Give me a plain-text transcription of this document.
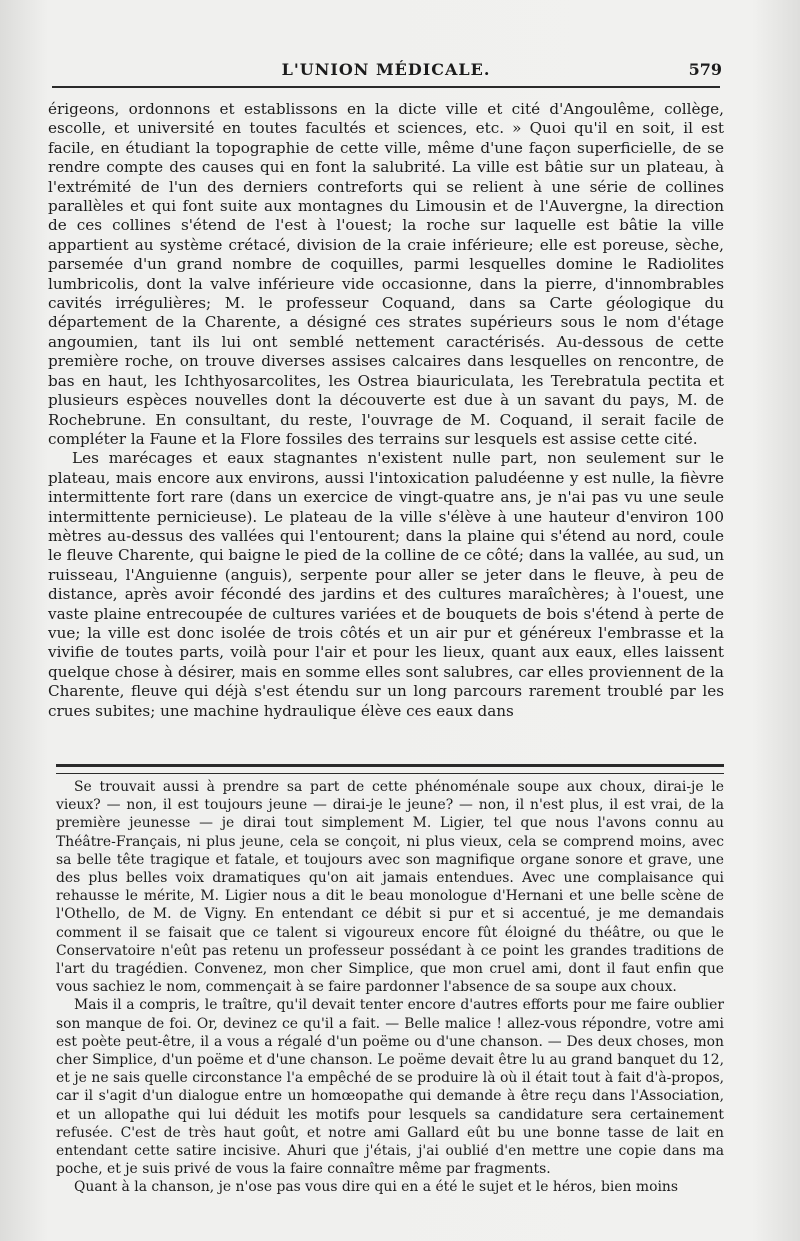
L'UNION MÉDICALE.	579

érigeons, ordonnons et establissons en la dicte ville et cité d'Angoulême, collège, escolle, et université en toutes facultés et sciences, etc. » Quoi qu'il en soit, il est facile, en étudiant la topographie de cette ville, même d'une façon superficielle, de se rendre compte des causes qui en font la salubrité. La ville est bâtie sur un plateau, à l'extrémité de l'un des derniers contreforts qui se relient à une série de collines parallèles et qui font suite aux montagnes du Limousin et de l'Auvergne, la direction de ces collines s'étend de l'est à l'ouest; la roche sur laquelle est bâtie la ville appartient au système crétacé, division de la craie inférieure; elle est poreuse, sèche, parsemée d'un grand nombre de coquilles, parmi lesquelles domine le Radiolites lumbricolis, dont la valve inférieure vide occasionne, dans la pierre, d'innombrables cavités irrégulières; M. le professeur Coquand, dans sa Carte géologique du département de la Charente, a désigné ces strates supérieurs sous le nom d'étage angoumien, tant ils lui ont semblé nettement caractérisés. Au-dessous de cette première roche, on trouve diverses assises calcaires dans lesquelles on rencontre, de bas en haut, les Ichthyosarcolites, les Ostrea biauriculata, les Terebratula pectita et plusieurs espèces nouvelles dont la découverte est due à un savant du pays, M. de Rochebrune. En consultant, du reste, l'ouvrage de M. Coquand, il serait facile de compléter la Faune et la Flore fossiles des terrains sur lesquels est assise cette cité.

Les marécages et eaux stagnantes n'existent nulle part, non seulement sur le plateau, mais encore aux environs, aussi l'intoxication paludéenne y est nulle, la fièvre intermittente fort rare (dans un exercice de vingt-quatre ans, je n'ai pas vu une seule intermittente pernicieuse). Le plateau de la ville s'élève à une hauteur d'environ 100 mètres au-dessus des vallées qui l'entourent; dans la plaine qui s'étend au nord, coule le fleuve Charente, qui baigne le pied de la colline de ce côté; dans la vallée, au sud, un ruisseau, l'Anguienne (anguis), serpente pour aller se jeter dans le fleuve, à peu de distance, après avoir fécondé des jardins et des cultures maraîchères; à l'ouest, une vaste plaine entrecoupée de cultures variées et de bouquets de bois s'étend à perte de vue; la ville est donc isolée de trois côtés et un air pur et généreux l'embrasse et la vivifie de toutes parts, voilà pour l'air et pour les lieux, quant aux eaux, elles laissent quelque chose à désirer, mais en somme elles sont salubres, car elles proviennent de la Charente, fleuve qui déjà s'est étendu sur un long parcours rarement troublé par les crues subites; une machine hydraulique élève ces eaux dans

Se trouvait aussi à prendre sa part de cette phénoménale soupe aux choux, dirai-je le vieux? — non, il est toujours jeune — dirai-je le jeune? — non, il n'est plus, il est vrai, de la première jeunesse — je dirai tout simplement M. Ligier, tel que nous l'avons connu au Théâtre-Français, ni plus jeune, cela se conçoit, ni plus vieux, cela se comprend moins, avec sa belle tête tragique et fatale, et toujours avec son magnifique organe sonore et grave, une des plus belles voix dramatiques qu'on ait jamais entendues. Avec une complaisance qui rehausse le mérite, M. Ligier nous a dit le beau monologue d'Hernani et une belle scène de l'Othello, de M. de Vigny. En entendant ce débit si pur et si accentué, je me demandais comment il se faisait que ce talent si vigoureux encore fût éloigné du théâtre, ou que le Conservatoire n'eût pas retenu un professeur possédant à ce point les grandes traditions de l'art du tragédien. Convenez, mon cher Simplice, que mon cruel ami, dont il faut enfin que vous sachiez le nom, commençait à se faire pardonner l'absence de sa soupe aux choux.

Mais il a compris, le traître, qu'il devait tenter encore d'autres efforts pour me faire oublier son manque de foi. Or, devinez ce qu'il a fait. — Belle malice ! allez-vous répondre, votre ami est poète peut-être, il a vous a régalé d'un poëme ou d'une chanson. — Des deux choses, mon cher Simplice, d'un poëme et d'une chanson. Le poëme devait être lu au grand banquet du 12, et je ne sais quelle circonstance l'a empêché de se produire là où il était tout à fait d'à-propos, car il s'agit d'un dialogue entre un homœopathe qui demande à être reçu dans l'Association, et un allopathe qui lui déduit les motifs pour lesquels sa candidature sera certainement refusée. C'est de très haut goût, et notre ami Gallard eût bu une bonne tasse de lait en entendant cette satire incisive. Ahuri que j'étais, j'ai oublié d'en mettre une copie dans ma poche, et je suis privé de vous la faire connaître même par fragments.

Quant à la chanson, je n'ose pas vous dire qui en a été le sujet et le héros, bien moins
